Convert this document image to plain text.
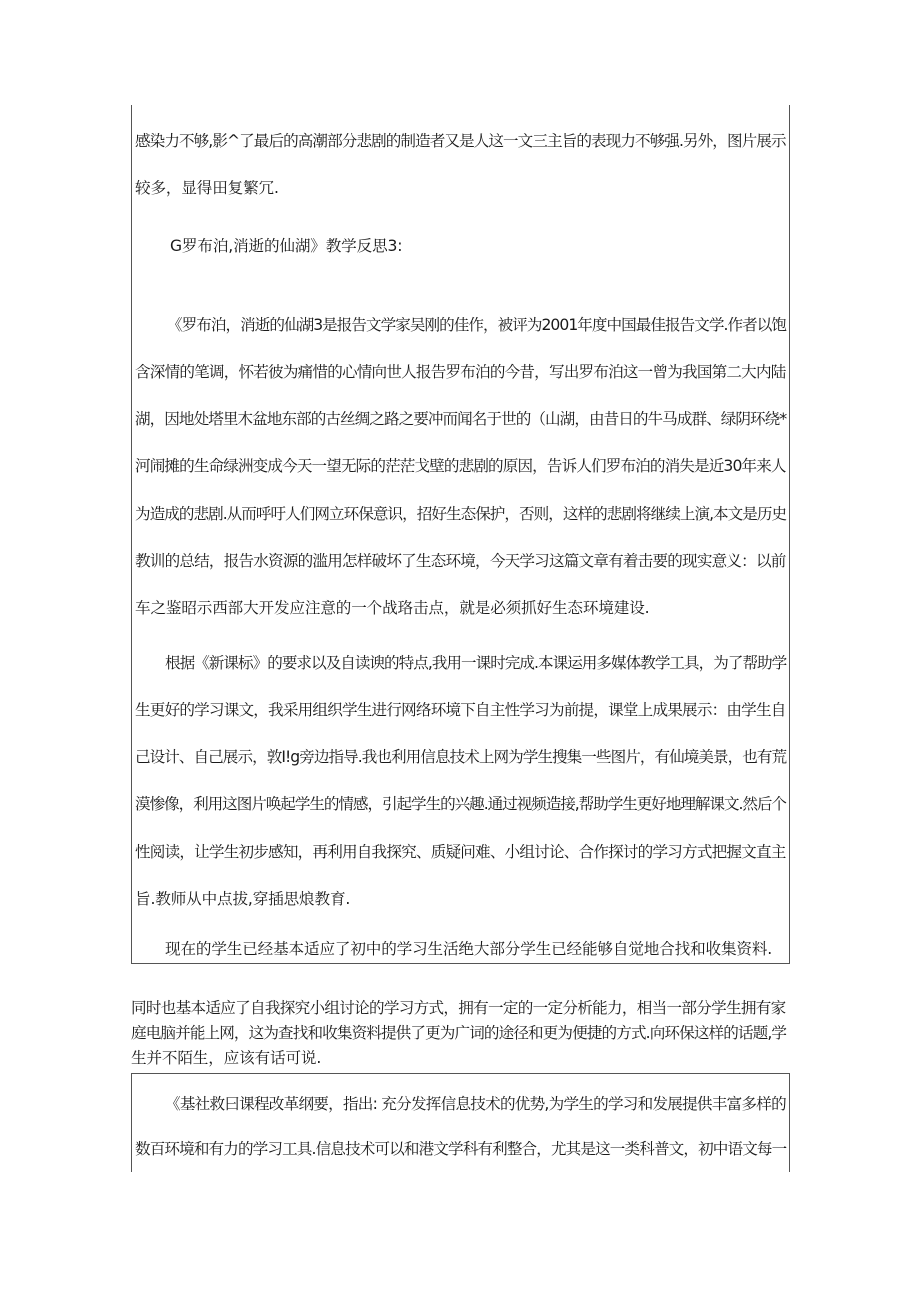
感染力不够,影^了最后的高潮部分悲剧的制造者又是人这一文三主旨的表现力不够强.另外，图片展示

较多，显得田复繁冗.

G罗布泊,消逝的仙湖》教学反思3:

《罗布泊，消逝的仙湖3是报告文学家吴刚的佳作，被评为2001年度中国最佳报告文学.作者以饱

含深情的笔调，怀若彼为痛惜的心情向世人报告罗布泊的今昔，写出罗布泊这一曾为我国第二大内陆

湖，因地处塔里木盆地东部的古丝绸之路之要冲而闻名于世的（山湖，由昔日的牛马成群、绿阴环绕*

河闹摊的生命绿洲变成今天一望无际的茫茫戈壁的悲剧的原因，告诉人们罗布泊的消失是近30年来人

为造成的悲剧.从而呼吁人们网立环保意识，招好生态保护，否则，这样的悲剧将继续上演,本文是历史

教训的总结，报告水资源的滥用怎样破坏了生态环境，今天学习这篇文章有着击要的现实意义：以前

车之鉴昭示西部大开发应注意的一个战珞击点，就是必须抓好生态环境建设.

根据《新课标》的要求以及自读谀的特点,我用一课时完成.本课运用多媒体教学工具，为了帮助学

生更好的学习课文，我采用组织学生进行网络环境下自主性学习为前提，课堂上成果展示：由学生自

己设计、自己展示，敦I!g旁边指导.我也利用信息技术上网为学生搜集一些图片，有仙境美景，也有荒

漠惨像，利用这图片唤起学生的情感，引起学生的兴趣.通过视频造接,帮助学生更好地理解课文.然后个

性阅读，让学生初步感知，再利用自我探究、质疑问难、小组讨论、合作探讨的学习方式把握文直主

旨.教师从中点拔,穿插思烺教育.

现在的学生已经基本适应了初中的学习生活绝大部分学生已经能够自觉地合找和收集资料.

同时也基本适应了自我探究小组讨论的学习方式，拥有一定的一定分析能力，相当一部分学生拥有家

庭电脑并能上网，这为查找和收集资料提供了更为广词的途径和更为便捷的方式.向环保这样的话题,学

生并不陌生，应该有话可说.

《基社救曰课程改革纲要，指出: 充分发挥信息技术的优势,为学生的学习和发展提供丰富多样的

数百环境和有力的学习工具.信息技术可以和港文学科有利整合，尤其是这一类科普文，初中语文每一
